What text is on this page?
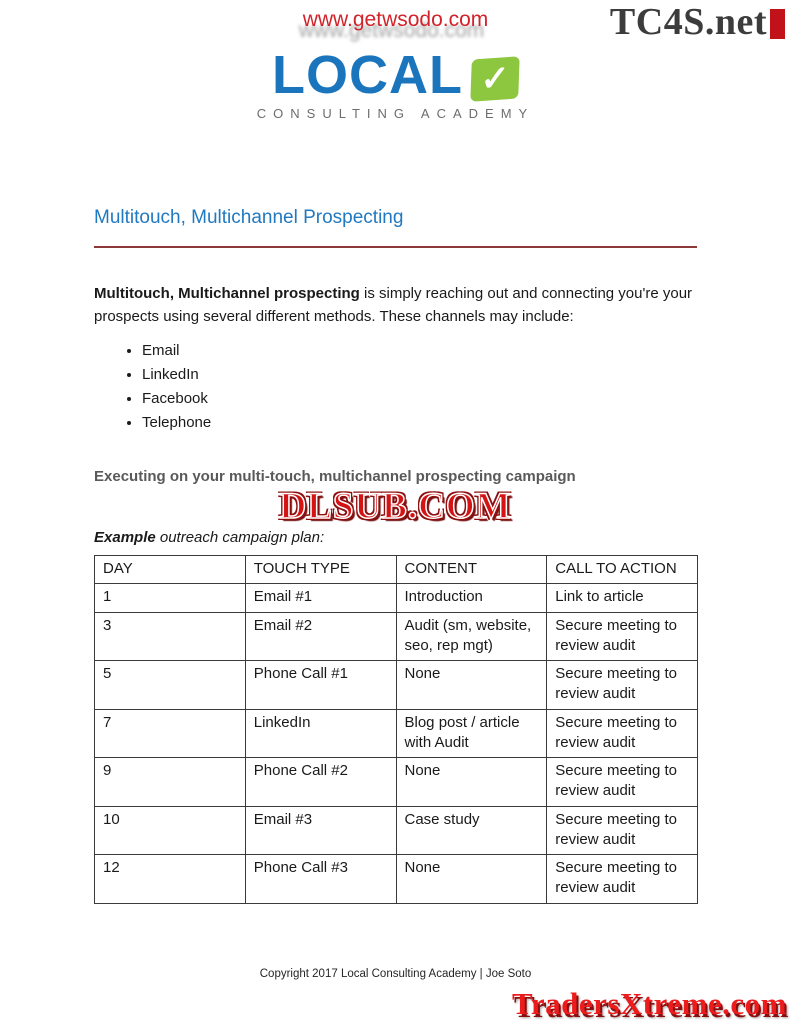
www.getwsodo.com	TC4S.net
LOCAL ✓
CONSULTING ACADEMY
Multitouch, Multichannel Prospecting

Multitouch, Multichannel prospecting is simply reaching out and connecting you're your prospects using several different methods. These channels may include:

• Email
• LinkedIn
• Facebook
• Telephone

Executing on your multi-touch, multichannel prospecting campaign

DLSUB.COM

Example outreach campaign plan:

DAY	TOUCH TYPE	CONTENT	CALL TO ACTION
1	Email #1	Introduction	Link to article
3	Email #2	Audit (sm, website, seo, rep mgt)	Secure meeting to review audit
5	Phone Call #1	None	Secure meeting to review audit
7	LinkedIn	Blog post / article with Audit	Secure meeting to review audit
9	Phone Call #2	None	Secure meeting to review audit
10	Email #3	Case study	Secure meeting to review audit
12	Phone Call #3	None	Secure meeting to review audit
Copyright 2017 Local Consulting Academy | Joe Soto
TradersXtreme.com
